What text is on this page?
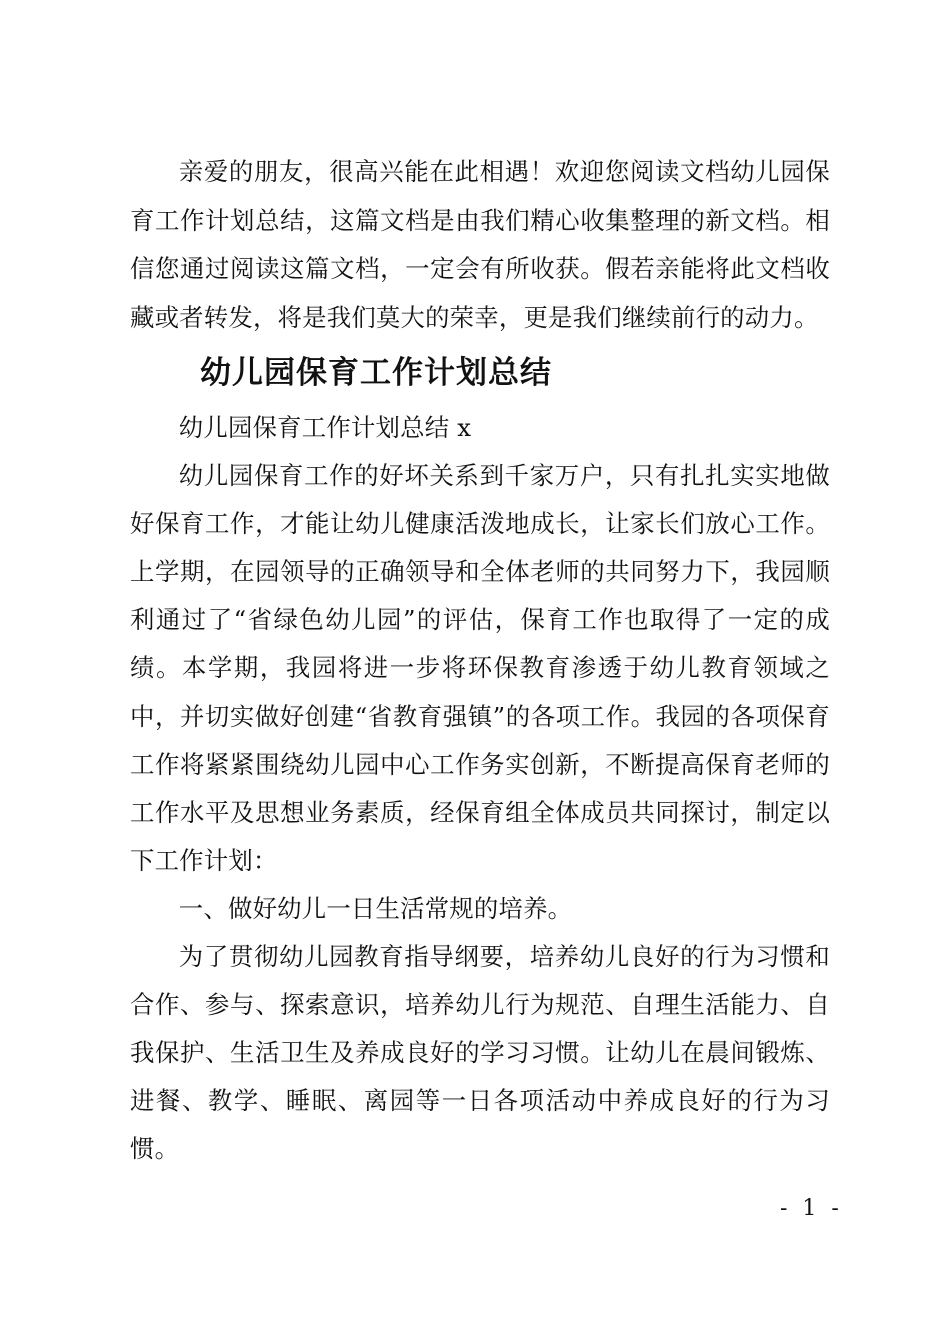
亲爱的朋友，很高兴能在此相遇！欢迎您阅读文档幼儿园保育工作计划总结，这篇文档是由我们精心收集整理的新文档。相信您通过阅读这篇文档，一定会有所收获。假若亲能将此文档收藏或者转发，将是我们莫大的荣幸，更是我们继续前行的动力。

幼儿园保育工作计划总结

幼儿园保育工作计划总结 x

幼儿园保育工作的好坏关系到千家万户，只有扎扎实实地做好保育工作，才能让幼儿健康活泼地成长，让家长们放心工作。上学期，在园领导的正确领导和全体老师的共同努力下，我园顺利通过了“省绿色幼儿园”的评估，保育工作也取得了一定的成绩。本学期，我园将进一步将环保教育渗透于幼儿教育领域之中，并切实做好创建“省教育强镇”的各项工作。我园的各项保育工作将紧紧围绕幼儿园中心工作务实创新，不断提高保育老师的工作水平及思想业务素质，经保育组全体成员共同探讨，制定以下工作计划：

一、做好幼儿一日生活常规的培养。

为了贯彻幼儿园教育指导纲要，培养幼儿良好的行为习惯和合作、参与、探索意识，培养幼儿行为规范、自理生活能力、自我保护、生活卫生及养成良好的学习习惯。让幼儿在晨间锻炼、进餐、教学、睡眠、离园等一日各项活动中养成良好的行为习惯。

- 1 -
